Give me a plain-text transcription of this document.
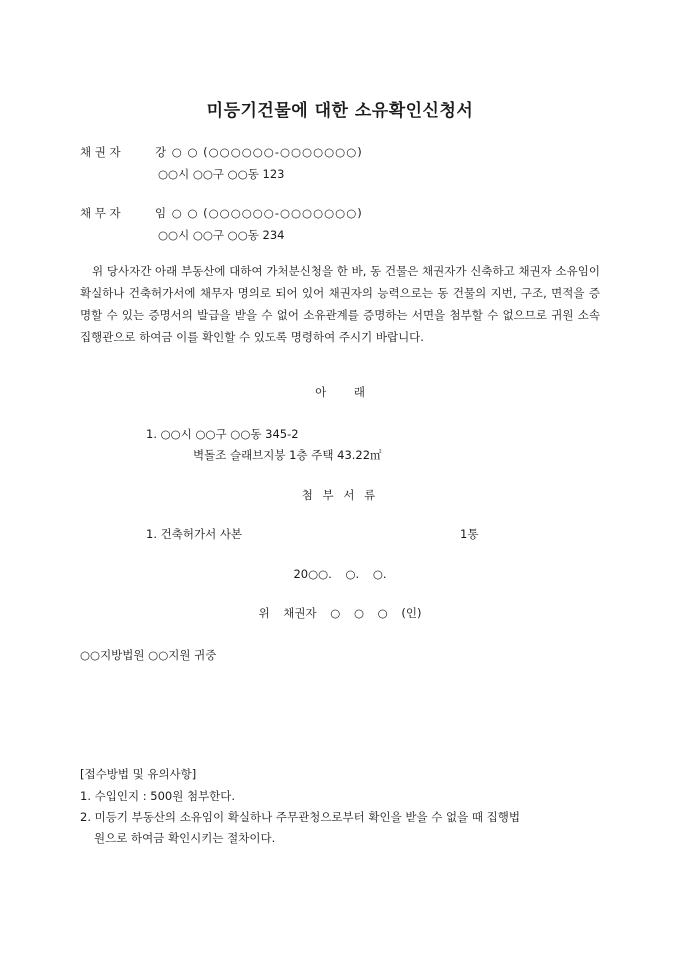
미등기건물에 대한 소유확인신청서
채 권 자	강 ○ ○ (○○○○○○-○○○○○○○)
○○시 ○○구 ○○동 123
채 무 자	임 ○ ○ (○○○○○○-○○○○○○○)
○○시 ○○구 ○○동 234
위 당사자간 아래 부동산에 대하여 가처분신청을 한 바, 동 건물은 채권자가 신축하고 채권자 소유임이 확실하나 건축허가서에 채무자 명의로 되어 있어 채권자의 능력으로는 동 건물의 지번, 구조, 면적을 증명할 수 있는 증명서의 발급을 받을 수 없어 소유관계를 증명하는 서면을 첨부할 수 없으므로 귀원 소속 집행관으로 하여금 이를 확인할 수 있도록 명령하여 주시기 바랍니다.
아 래
1. ○○시 ○○구 ○○동 345-2
벽돌조 슬래브지붕 1층 주택 43.22㎡
첨 부 서 류
1. 건축허가서 사본	1통
20○○. ○. ○.
위 채권자 ○ ○ ○ (인)
○○지방법원 ○○지원 귀중
[접수방법 및 유의사항]
1. 수입인지 : 500원 첨부한다.
2. 미등기 부동산의 소유임이 확실하나 주무관청으로부터 확인을 받을 수 없을 때 집행법
원으로 하여금 확인시키는 절차이다.
